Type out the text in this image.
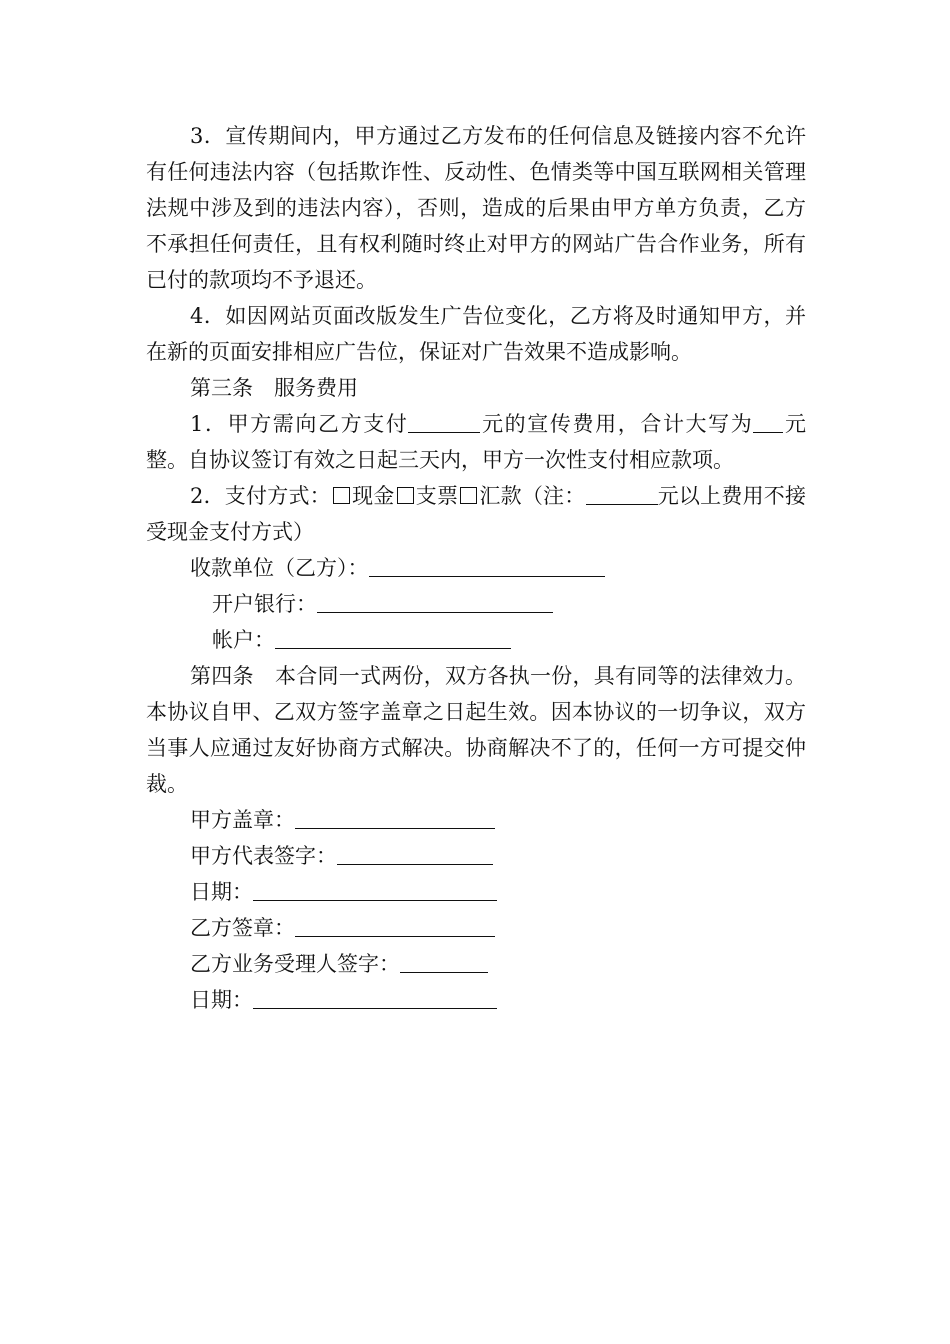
3．宣传期间内，甲方通过乙方发布的任何信息及链接内容不允许有任何违法内容（包括欺诈性、反动性、色情类等中国互联网相关管理法规中涉及到的违法内容），否则，造成的后果由甲方单方负责，乙方不承担任何责任，且有权利随时终止对甲方的网站广告合作业务，所有已付的款项均不予退还。

4．如因网站页面改版发生广告位变化，乙方将及时通知甲方，并在新的页面安排相应广告位，保证对广告效果不造成影响。

第三条　服务费用

1．甲方需向乙方支付	元的宣传费用，合计大写为 元整。自协议签订有效之日起三天内，甲方一次性支付相应款项。

2．支付方式： 现金 支票 汇款（注：	元以上费用不接受现金支付方式）

收款单位（乙方）：

开户银行：

帐户：

第四条　本合同一式两份，双方各执一份，具有同等的法律效力。本协议自甲、乙双方签字盖章之日起生效。因本协议的一切争议，双方当事人应通过友好协商方式解决。协商解决不了的，任何一方可提交仲裁。

甲方盖章：

甲方代表签字：

日期：

乙方签章：

乙方业务受理人签字：

日期：
